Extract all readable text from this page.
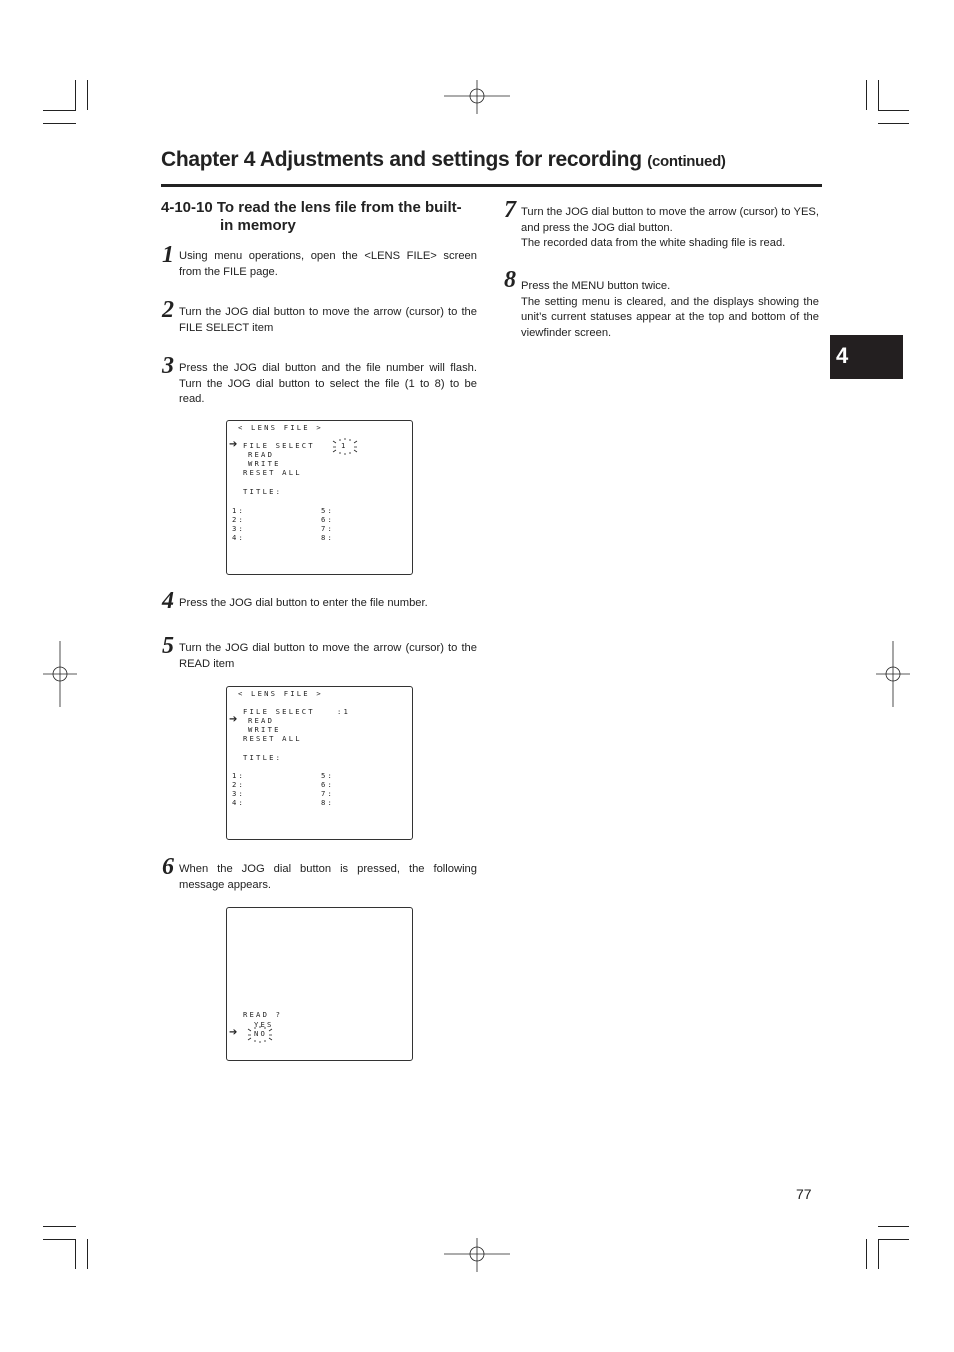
Chapter 4 Adjustments and settings for recording (continued)
4-10-10 To read the lens file from the built-
in memory
1 Using menu operations, open the <LENS FILE> screen from the FILE page.
2 Turn the JOG dial button to move the arrow (cursor) to the FILE SELECT item
3 Press the JOG dial button and the file number will flash. Turn the JOG dial button to select the file (1 to 8) to be read.
< LENS FILE >
➔ FILE SELECT	1
READ
WRITE
RESET ALL
TITLE:
1:
2:
3:
4:
5:
6:
7:
8:
4 Press the JOG dial button to enter the file number.
5 Turn the JOG dial button to move the arrow (cursor) to the READ item
< LENS FILE >
FILE SELECT	:1
➔ READ
WRITE
RESET ALL
TITLE:
1:
2:
3:
4:
5:
6:
7:
8:
6 When the JOG dial button is pressed, the following message appears.
READ ?
YES
➔ NO
7 Turn the JOG dial button to move the arrow (cursor) to YES, and press the JOG dial button.
The recorded data from the white shading file is read.
8 Press the MENU button twice.
The setting menu is cleared, and the displays showing the unit’s current statuses appear at the top and bottom of the viewfinder screen.
4
77
